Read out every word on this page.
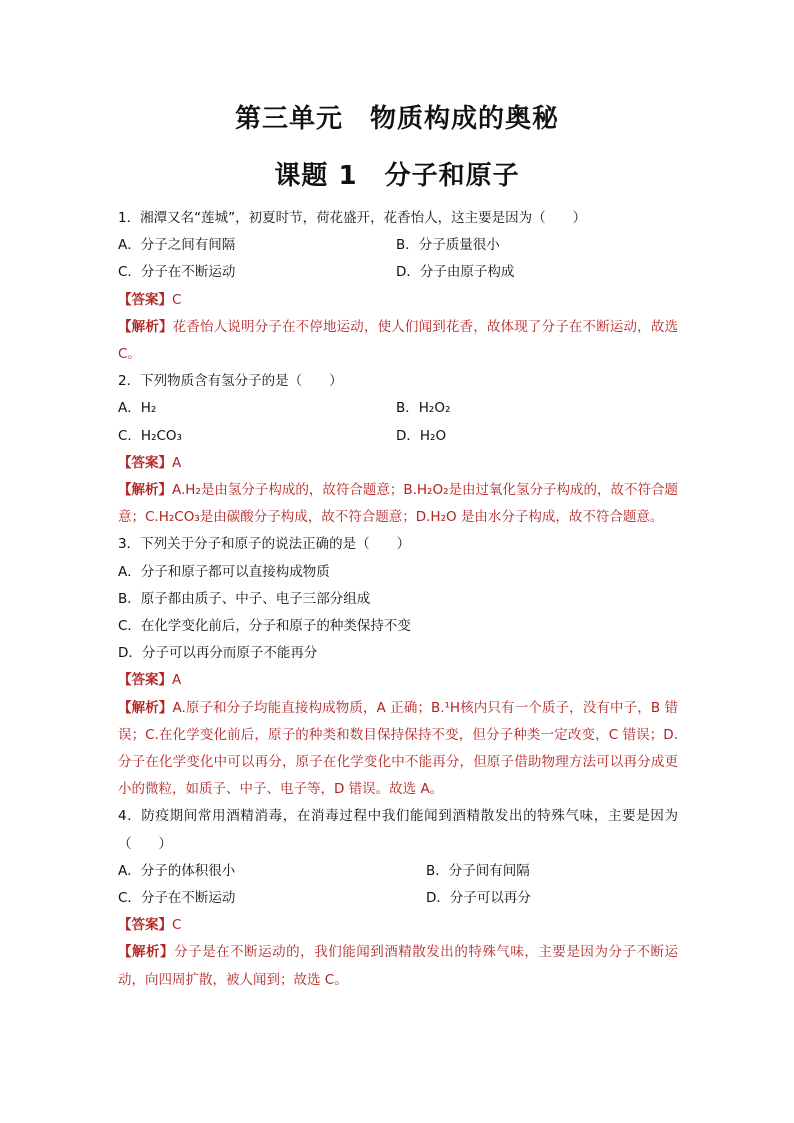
第三单元　物质构成的奥秘
课题 1　分子和原子
1．湘潭又名“莲城”，初夏时节，荷花盛开，花香怡人，这主要是因为（　　）
A．分子之间有间隔	B．分子质量很小
C．分子在不断运动	D．分子由原子构成
【答案】C
【解析】花香怡人说明分子在不停地运动，使人们闻到花香，故体现了分子在不断运动，故选 C。
2．下列物质含有氢分子的是（　　）
A．H₂	B．H₂O₂
C．H₂CO₃	D．H₂O
【答案】A
【解析】A.H₂是由氢分子构成的，故符合题意；B.H₂O₂是由过氧化氢分子构成的，故不符合题意；C.H₂CO₃是由碳酸分子构成，故不符合题意；D.H₂O 是由水分子构成，故不符合题意。
3．下列关于分子和原子的说法正确的是（　　）
A．分子和原子都可以直接构成物质
B．原子都由质子、中子、电子三部分组成
C．在化学变化前后，分子和原子的种类保持不变
D．分子可以再分而原子不能再分
【答案】A
【解析】A.原子和分子均能直接构成物质，A 正确；B.¹H核内只有一个质子，没有中子，B 错误；C.在化学变化前后，原子的种类和数目保持保持不变，但分子种类一定改变，C 错误；D.分子在化学变化中可以再分，原子在化学变化中不能再分，但原子借助物理方法可以再分成更小的微粒，如质子、中子、电子等，D 错误。故选 A。
4．防疫期间常用酒精消毒，在消毒过程中我们能闻到酒精散发出的特殊气味，主要是因为（　　）
A．分子的体积很小	B．分子间有间隔
C．分子在不断运动	D．分子可以再分
【答案】C
【解析】分子是在不断运动的，我们能闻到酒精散发出的特殊气味，主要是因为分子不断运动，向四周扩散，被人闻到；故选 C。
